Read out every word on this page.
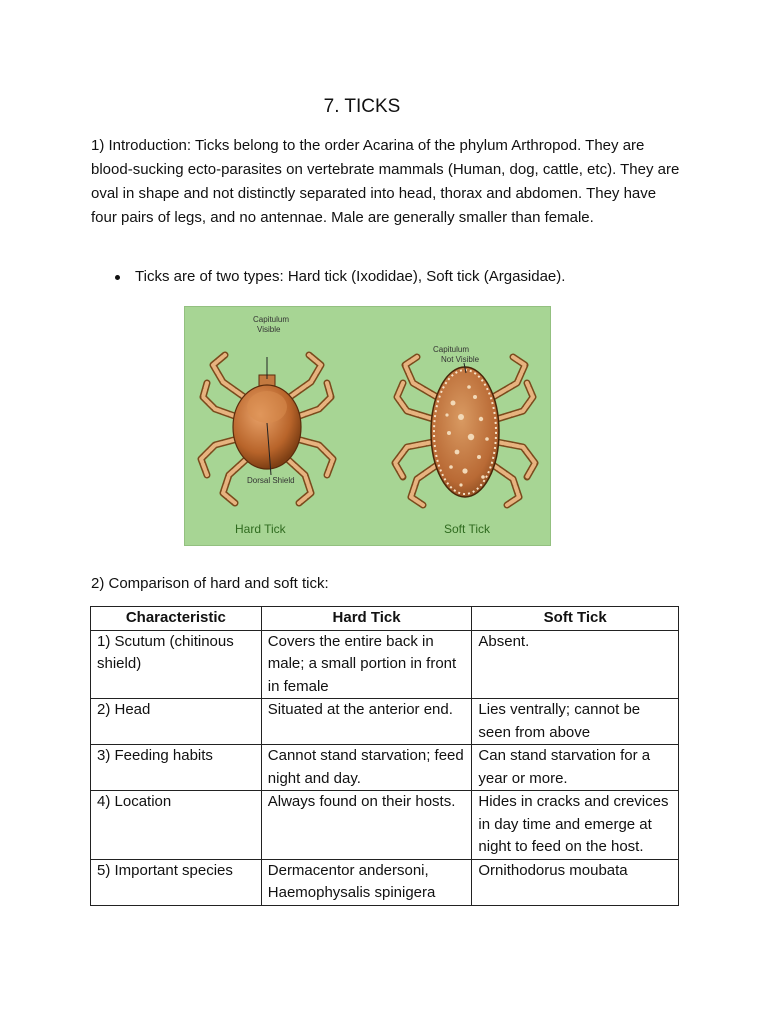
7. TICKS
1) Introduction: Ticks belong to the order Acarina of the phylum Arthropod. They are blood-sucking ecto-parasites on vertebrate mammals (Human, dog, cattle, etc). They are oval in shape and not distinctly separated into head, thorax and abdomen. They have four pairs of legs, and no antennae. Male are generally smaller than female.
Ticks are of two types: Hard tick (Ixodidae), Soft tick (Argasidae).
Capitulum
Visible
Capitulum
Not Visible
Dorsal Shield
Hard Tick	Soft Tick
2) Comparison of hard and soft tick:
Characteristic	Hard Tick	Soft Tick
1) Scutum (chitinous shield)	Covers the entire back in male; a small portion in front in female	Absent.
2) Head	Situated at the anterior end.	Lies ventrally; cannot be seen from above
3) Feeding habits	Cannot stand starvation; feed night and day.	Can stand starvation for a year or more.
4) Location	Always found on their hosts.	Hides in cracks and crevices in day time and emerge at night to feed on the host.
5) Important species	Dermacentor andersoni, Haemophysalis spinigera	Ornithodorus moubata
